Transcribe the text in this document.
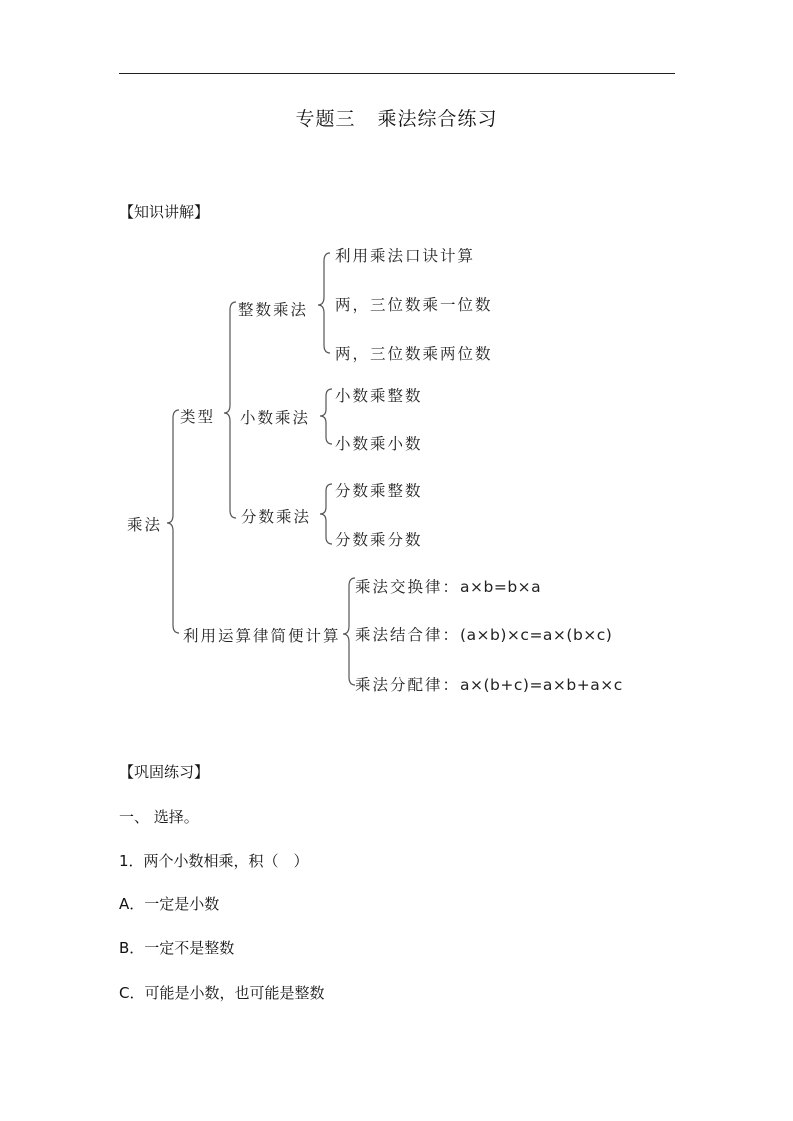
专题三 乘法综合练习
【知识讲解】
乘法
类型
利用运算律简便计算
整数乘法
小数乘法
分数乘法
利用乘法口诀计算
两，三位数乘一位数
两，三位数乘两位数
小数乘整数
小数乘小数
分数乘整数
分数乘分数
乘法交换律：a×b=b×a
乘法结合律：(a×b)×c=a×(b×c)
乘法分配律：a×(b+c)=a×b+a×c
【巩固练习】
一、 选择。
1．两个小数相乘，积（　）
A．一定是小数
B．一定不是整数
C．可能是小数，也可能是整数
